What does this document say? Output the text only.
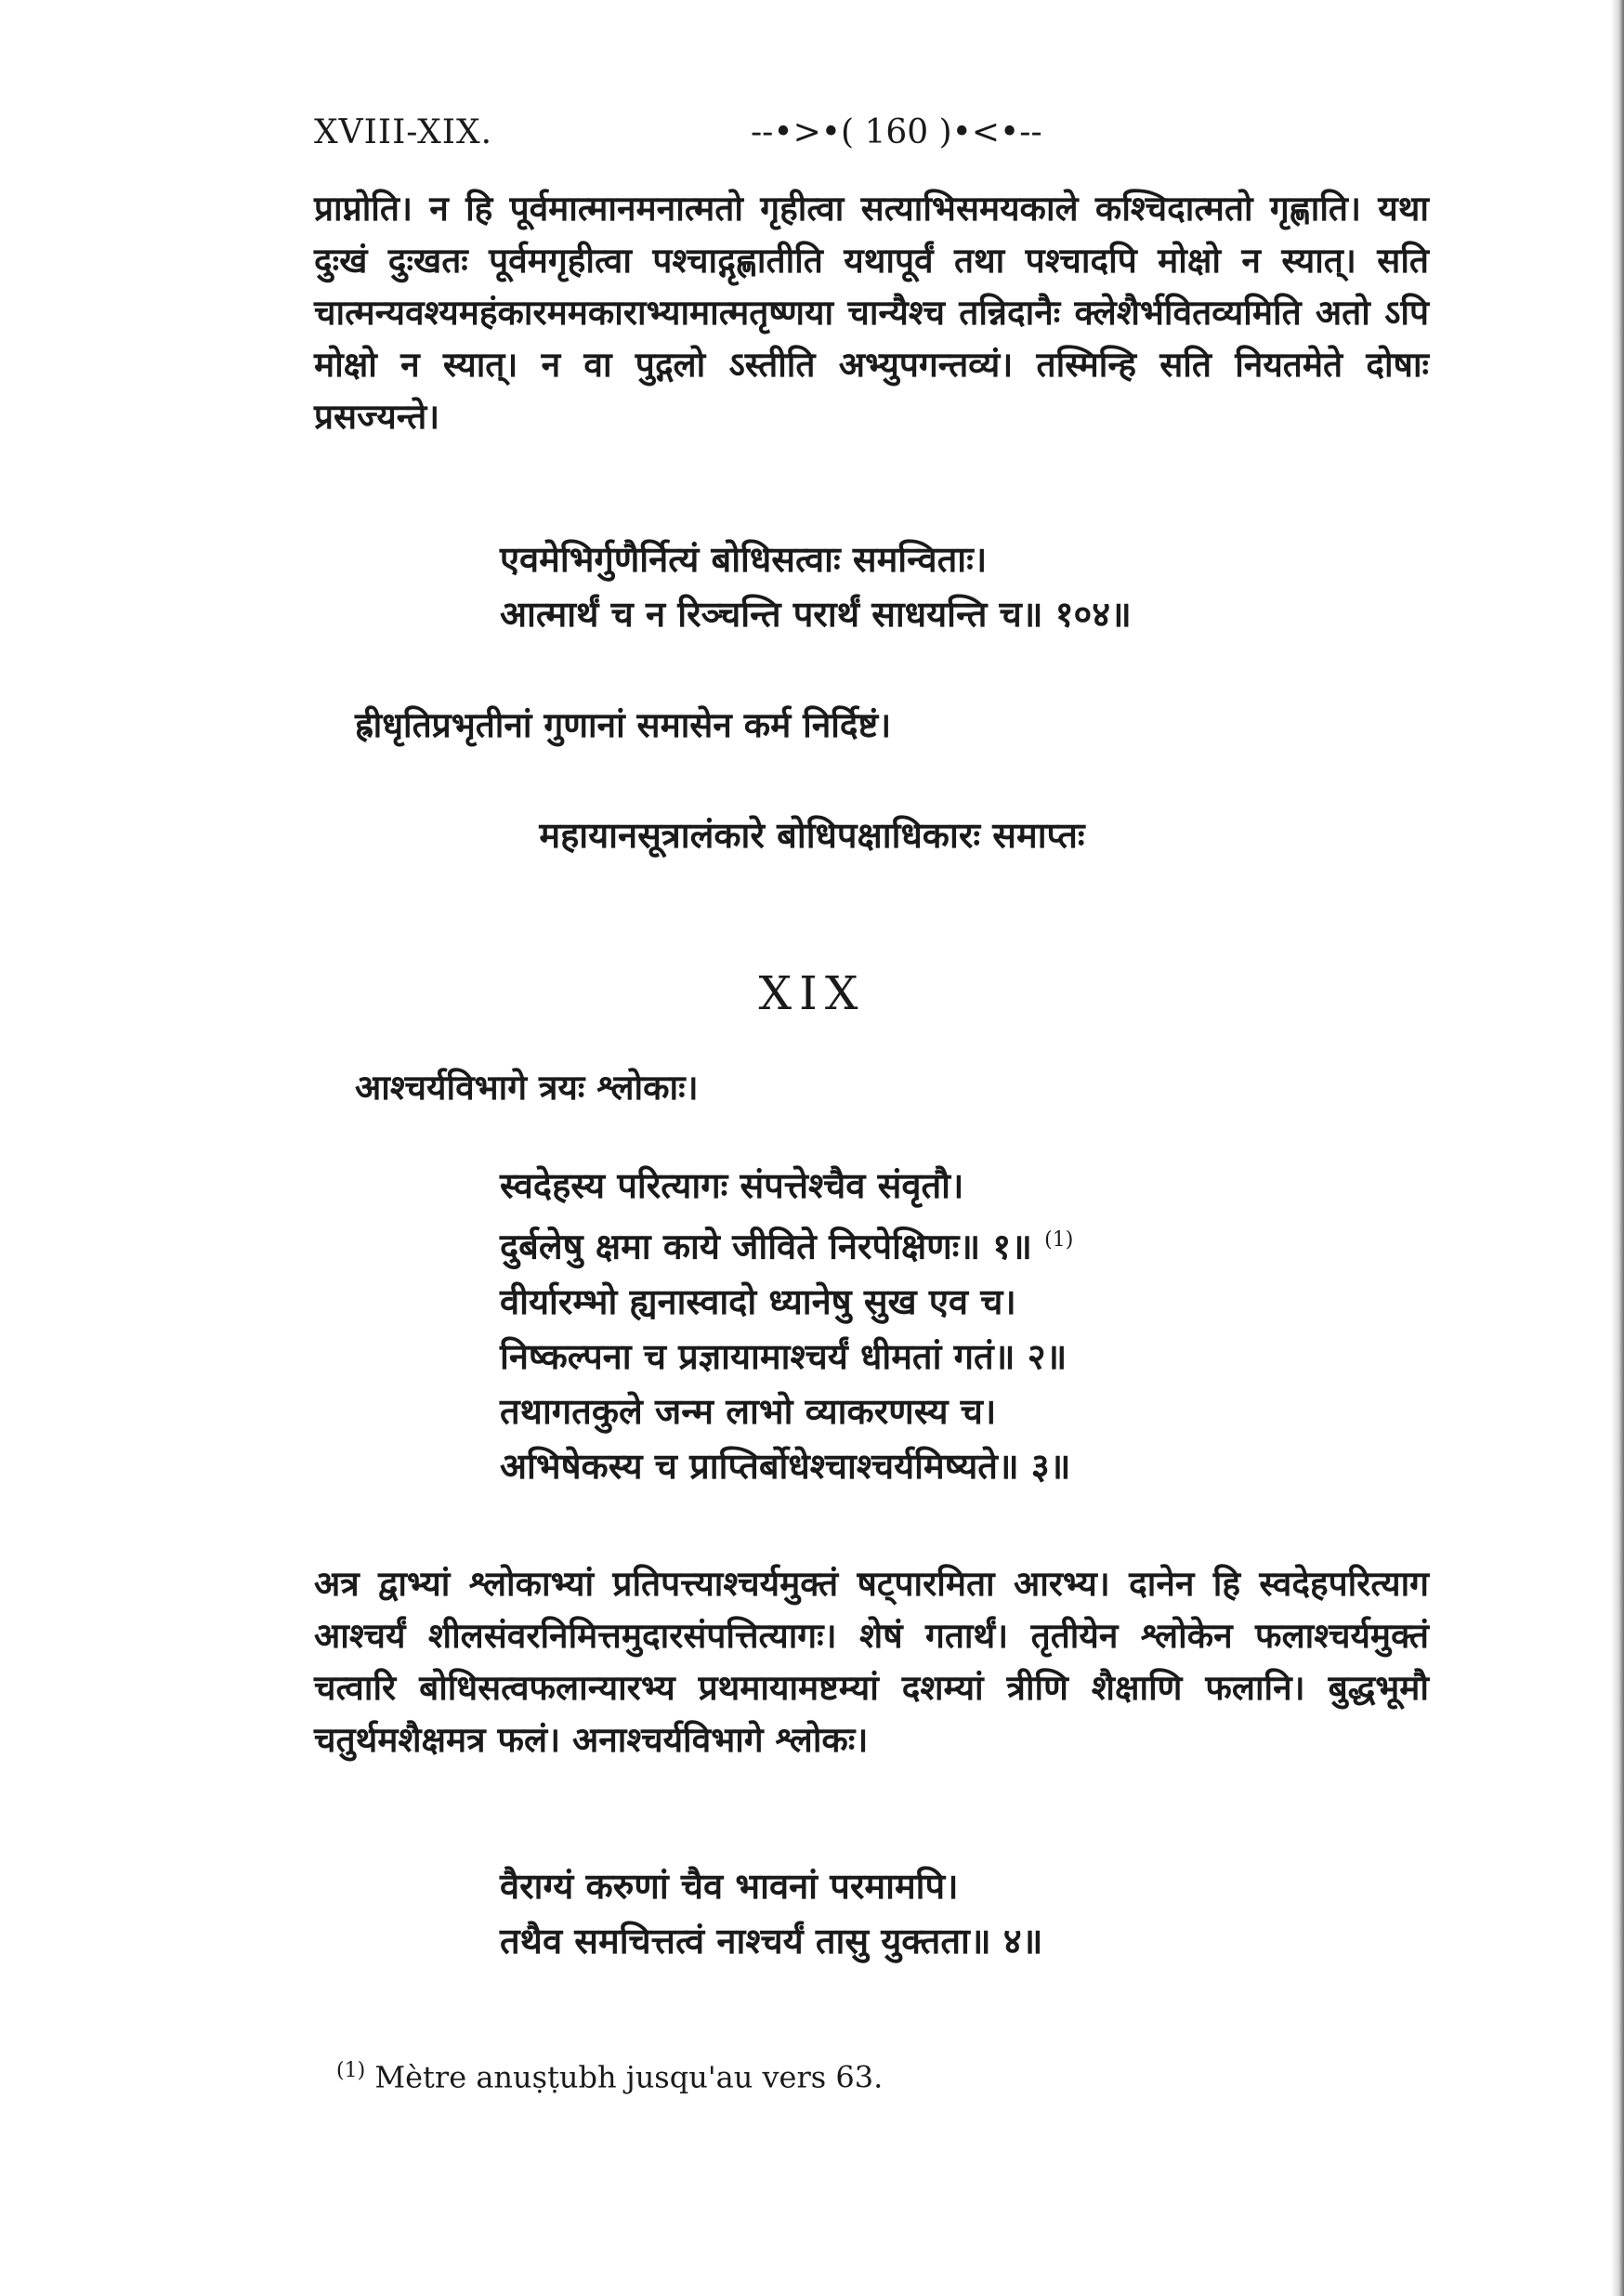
XVIII-XIX.	--•>•( 160 )•<•--

प्राप्नोति। न हि पूर्वमात्मानमनात्मतो गृहीत्वा सत्याभिसमयकाले कश्चिदात्मतो गृह्णाति। यथा दुःखं दुःखतः पूर्वमगृहीत्वा पश्चाद्गृह्णातीति यथापूर्वं तथा पश्चादपि मोक्षो न स्यात्। सति चात्मन्यवश्यमहंकारममकाराभ्यामात्मतृष्णया चान्यैश्च तन्निदानैः क्लेशैर्भवितव्यमिति अतो ऽपि मोक्षो न स्यात्। न वा पुद्गलो ऽस्तीति अभ्युपगन्तव्यं। तस्मिन्हि सति नियतमेते दोषाः प्रसज्यन्ते।

एवमेभिर्गुणैर्नित्यं बोधिसत्वाः समन्विताः।
आत्मार्थं च न रिञ्चन्ति परार्थं साधयन्ति च॥ १०४॥

ह्रीधृतिप्रभृतीनां गुणानां समासेन कर्म निर्दिष्टं।

महायानसूत्रालंकारे बोधिपक्षाधिकारः समाप्तः
XIX

आश्चर्यविभागे त्रयः श्लोकाः।

स्वदेहस्य परित्यागः संपत्तेश्चैव संवृतौ।
दुर्बलेषु क्षमा काये जीविते निरपेक्षिणः॥ १॥ $^{(1)}$
वीर्यारम्भो ह्यनास्वादो ध्यानेषु सुख एव च।
निष्कल्पना च प्रज्ञायामाश्चर्यं धीमतां गतं॥ २॥
तथागतकुले जन्म लाभो व्याकरणस्य च।
अभिषेकस्य च प्राप्तिर्बोधेश्चाश्चर्यमिष्यते॥ ३॥

अत्र द्वाभ्यां श्लोकाभ्यां प्रतिपत्त्याश्चर्यमुक्तं षट्पारमिता आरभ्य। दानेन हि स्वदेहपरित्याग आश्चर्यं शीलसंवरनिमित्तमुदारसंपत्तित्यागः। शेषं गतार्थं। तृतीयेन श्लोकेन फलाश्चर्यमुक्तं चत्वारि बोधिसत्वफलान्यारभ्य प्रथमायामष्टम्यां दशम्यां त्रीणि शैक्षाणि फलानि। बुद्धभूमौ चतुर्थमशैक्षमत्र फलं। अनाश्चर्यविभागे श्लोकः।

वैराग्यं करुणां चैव भावनां परमामपि।
तथैव समचित्तत्वं नाश्चर्यं तासु युक्तता॥ ४॥
$^{(1)}$ Mètre anuṣṭubh jusqu'au vers 63.
